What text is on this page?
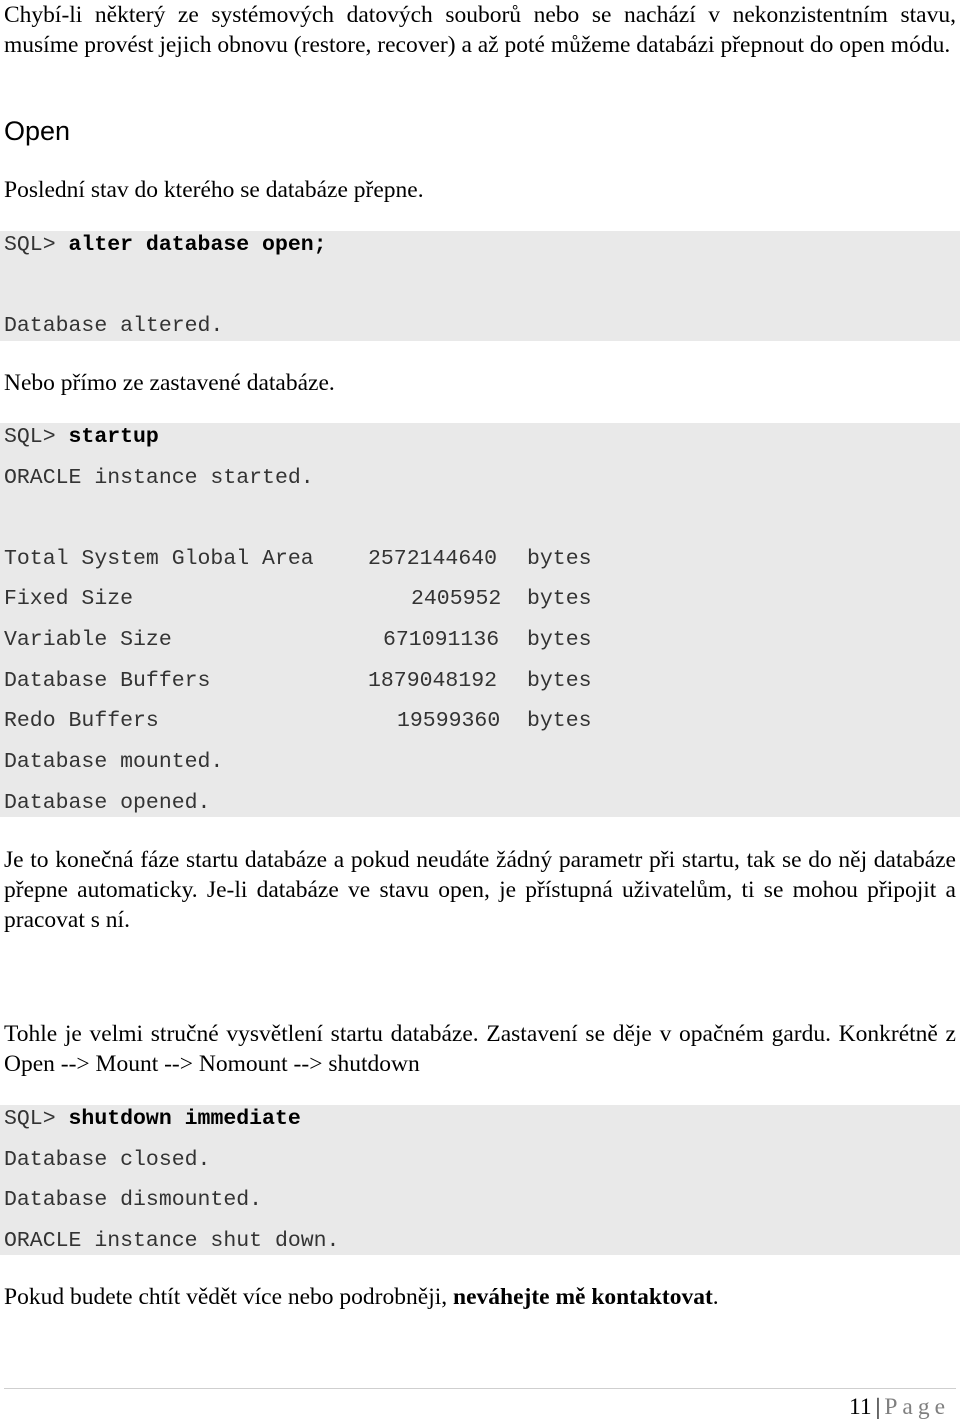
Chybí-li některý ze systémových datových souborů nebo se nachází v nekonzistentním stavu, musíme provést jejich obnovu (restore, recover) a až poté můžeme databázi přepnout do open módu.

Open
Poslední stav do kterého se databáze přepne.
SQL> alter database open;
Database altered.
Nebo přímo ze zastavené databáze.
SQL> startup
ORACLE instance started.
Total System Global Area	2572144640 bytes
Fixed Size	2405952 bytes
Variable Size	671091136 bytes
Database Buffers	1879048192 bytes
Redo Buffers	19599360 bytes
Database mounted.
Database opened.

Je to konečná fáze startu databáze a pokud neudáte žádný parametr při startu, tak se do něj databáze přepne automaticky. Je-li databáze ve stavu open, je přístupná uživatelům, ti se mohou připojit a pracovat s ní.

Tohle je velmi stručné vysvětlení startu databáze. Zastavení se děje v opačném gardu. Konkrétně z Open --> Mount --> Nomount --> shutdown

SQL> shutdown immediate
Database closed.
Database dismounted.
ORACLE instance shut down.
Pokud budete chtít vědět více nebo podrobněji, neváhejte mě kontaktovat.
11 | Page
